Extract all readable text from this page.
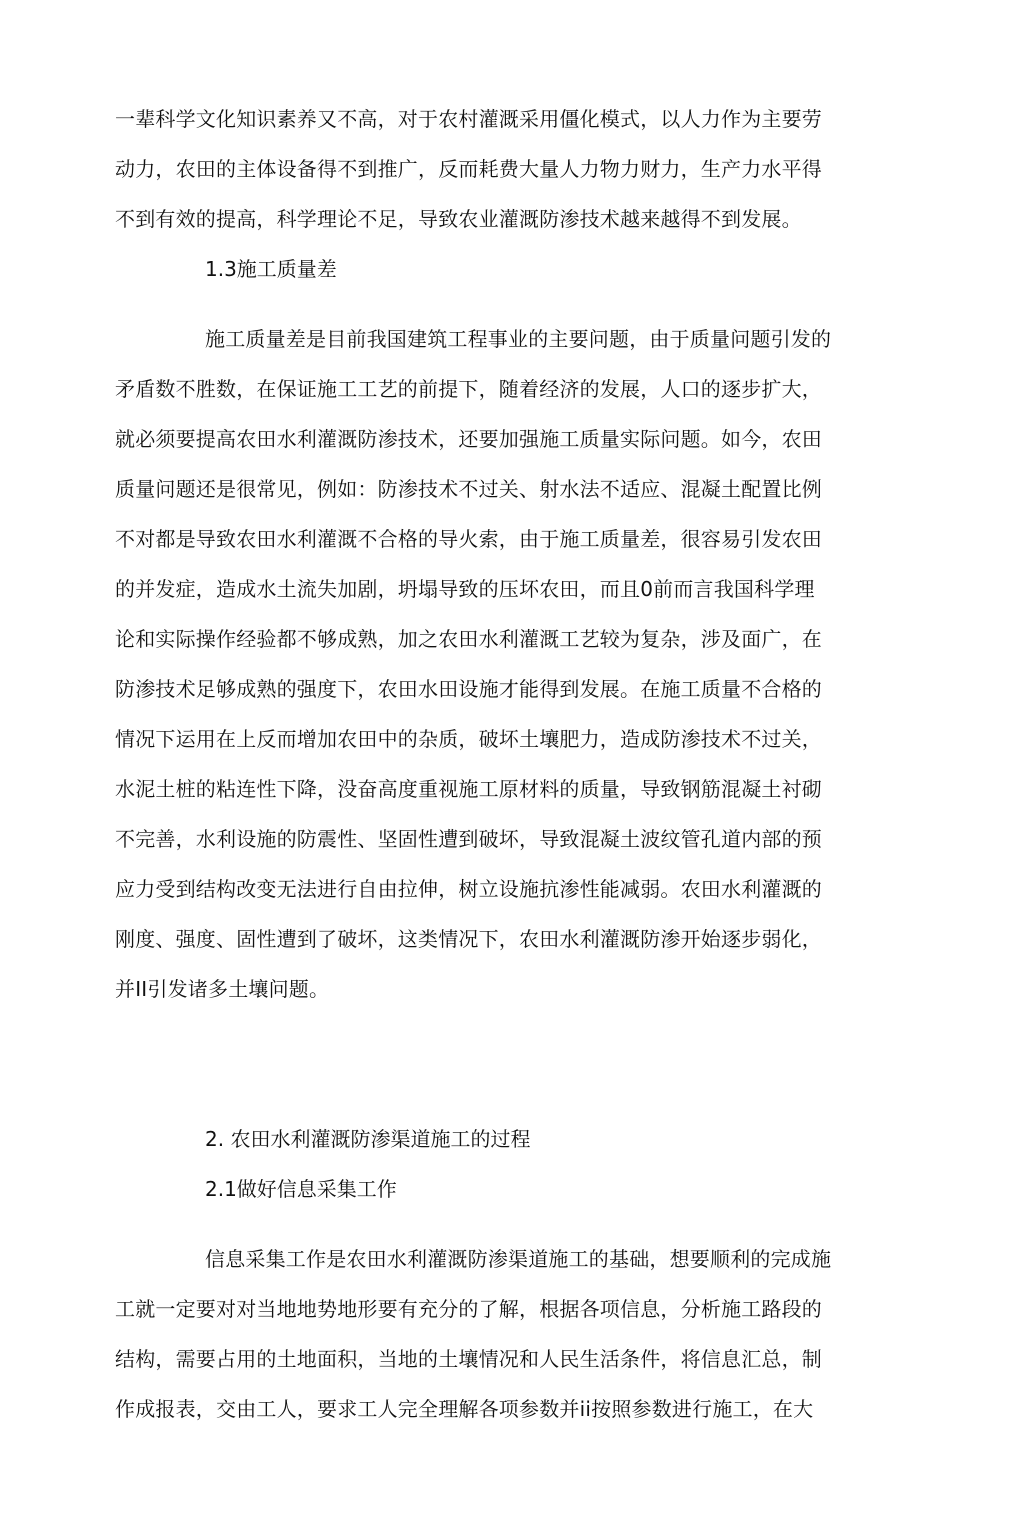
一辈科学文化知识素养又不高，对于农村灌溉采用僵化模式，以人力作为主要劳
动力，农田的主体设备得不到推广，反而耗费大量人力物力财力，生产力水平得
不到有效的提高，科学理论不足，导致农业灌溉防渗技术越来越得不到发展。
1.3施工质量差
施工质量差是目前我国建筑工程事业的主要问题，由于质量问题引发的
矛盾数不胜数，在保证施工工艺的前提下，随着经济的发展，人口的逐步扩大，
就必须要提高农田水利灌溉防渗技术，还要加强施工质量实际问题。如今，农田
质量问题还是很常见，例如：防渗技术不过关、射水法不适应、混凝土配置比例
不对都是导致农田水利灌溉不合格的导火索，由于施工质量差，很容易引发农田
的并发症，造成水土流失加剧，坍塌导致的压坏农田，而且0前而言我国科学理
论和实际操作经验都不够成熟，加之农田水利灌溉工艺较为复杂，涉及面广，在
防渗技术足够成熟的强度下，农田水田设施才能得到发展。在施工质量不合格的
情况下运用在上反而增加农田中的杂质，破坏土壤肥力，造成防渗技术不过关，
水泥土桩的粘连性下降，没奋高度重视施工原材料的质量，导致钢筋混凝土衬砌
不完善，水利设施的防震性、坚固性遭到破坏，导致混凝土波纹管孔道内部的预
应力受到结构改变无法进行自由拉伸，树立设施抗渗性能减弱。农田水利灌溉的
刚度、强度、固性遭到了破坏，这类情况下，农田水利灌溉防渗开始逐步弱化，
并II引发诸多土壤问题。
2. 农田水利灌溉防渗渠道施工的过程
2.1做好信息采集工作
信息采集工作是农田水利灌溉防渗渠道施工的基础，想要顺利的完成施
工就一定要对对当地地势地形要有充分的了解，根据各项信息，分析施工路段的
结构，需要占用的土地面积，当地的土壤情况和人民生活条件，将信息汇总，制
作成报表，交由工人，要求工人完全理解各项参数并ii按照参数进行施工，在大
